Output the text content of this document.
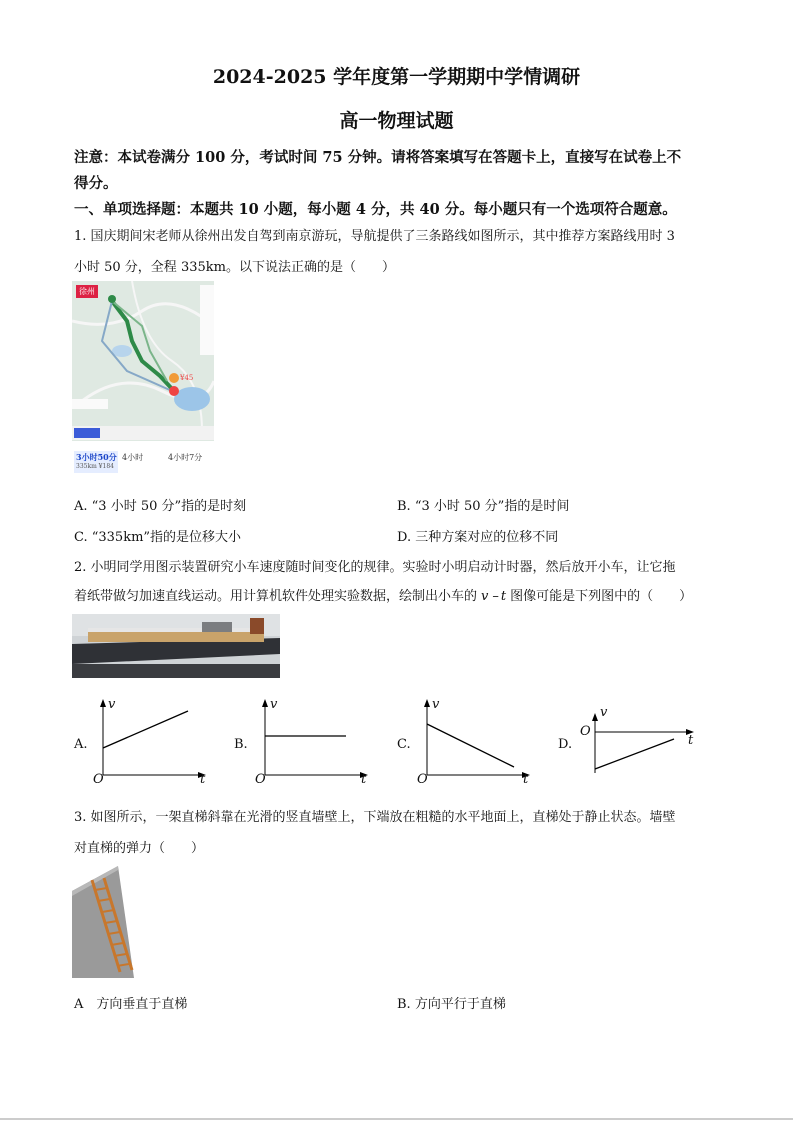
2024-2025 学年度第一学期期中学情调研
高一物理试题
注意：本试卷满分 100 分，考试时间 75 分钟。请将答案填写在答题卡上，直接写在试卷上不
得分。
一、单项选择题：本题共 10 小题，每小题 4 分，共 40 分。每小题只有一个选项符合题意。
1. 国庆期间宋老师从徐州出发自驾到南京游玩，导航提供了三条路线如图所示，其中推荐方案路线用时 3
小时 50 分，全程 335km。以下说法正确的是（　　）
徐州
¥45
3小时50分
335km ¥184
4小时	4小时7分
A. “3 小时 50 分”指的是时刻	B. “3 小时 50 分”指的是时间
C. “335km”指的是位移大小	D. 三种方案对应的位移不同
2. 小明同学用图示装置研究小车速度随时间变化的规律。实验时小明启动计时器，然后放开小车，让它拖
着纸带做匀加速直线运动。用计算机软件处理实验数据，绘制出小车的 v – t 图像可能是下列图中的（　　）
A.
v
O	t
B.
v
O	t
C.
v
O	t
D.
v
O
t
3. 如图所示，一架直梯斜靠在光滑的竖直墙壁上，下端放在粗糙的水平地面上，直梯处于静止状态。墙壁
对直梯的弹力（　　）
A　方向垂直于直梯	B. 方向平行于直梯
